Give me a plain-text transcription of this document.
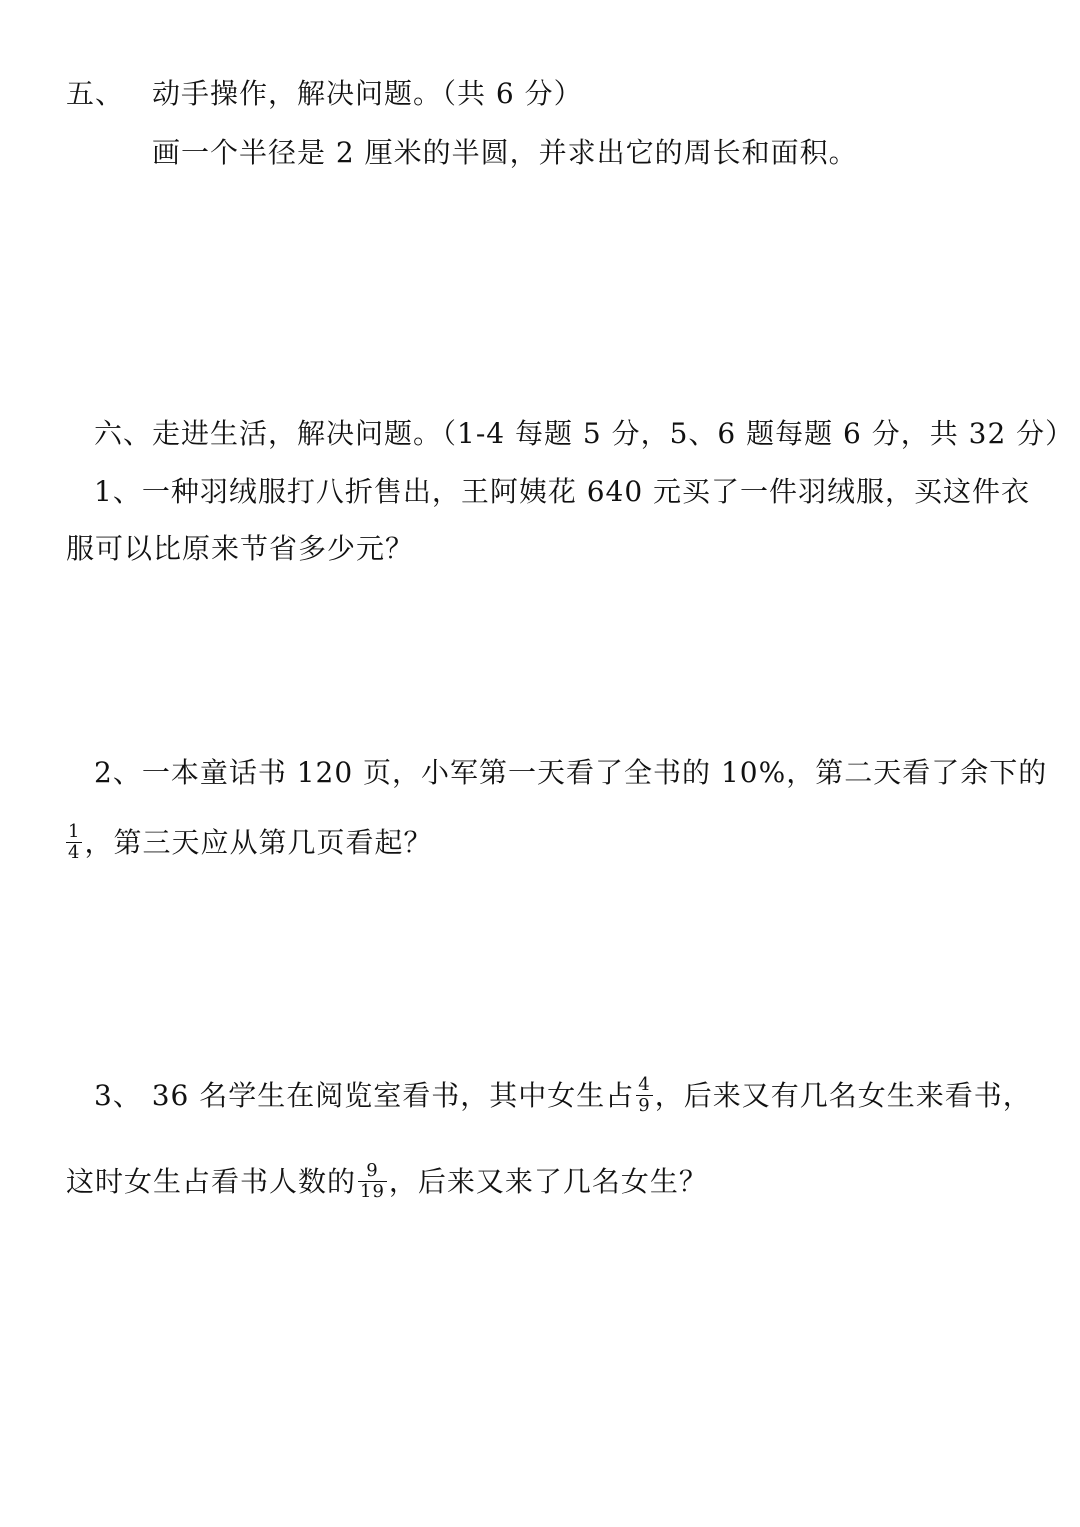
五、 动手操作，解决问题。（共 6 分）
画一个半径是 2 厘米的半圆，并求出它的周长和面积。
六、走进生活，解决问题。（1-4 每题 5 分，5、6 题每题 6 分，共 32 分）
1、一种羽绒服打八折售出，王阿姨花 640 元买了一件羽绒服，买这件衣
服可以比原来节省多少元？
2、一本童话书 120 页，小军第一天看了全书的 10%，第二天看了余下的
$\frac{1}{4}$ ，第三天应从第几页看起？
3、 36 名学生在阅览室看书，其中女生占 $\frac{4}{9}$ ，后来又有几名女生来看书，
这时女生占看书人数的 $\frac{9}{19}$ ，后来又来了几名女生？
